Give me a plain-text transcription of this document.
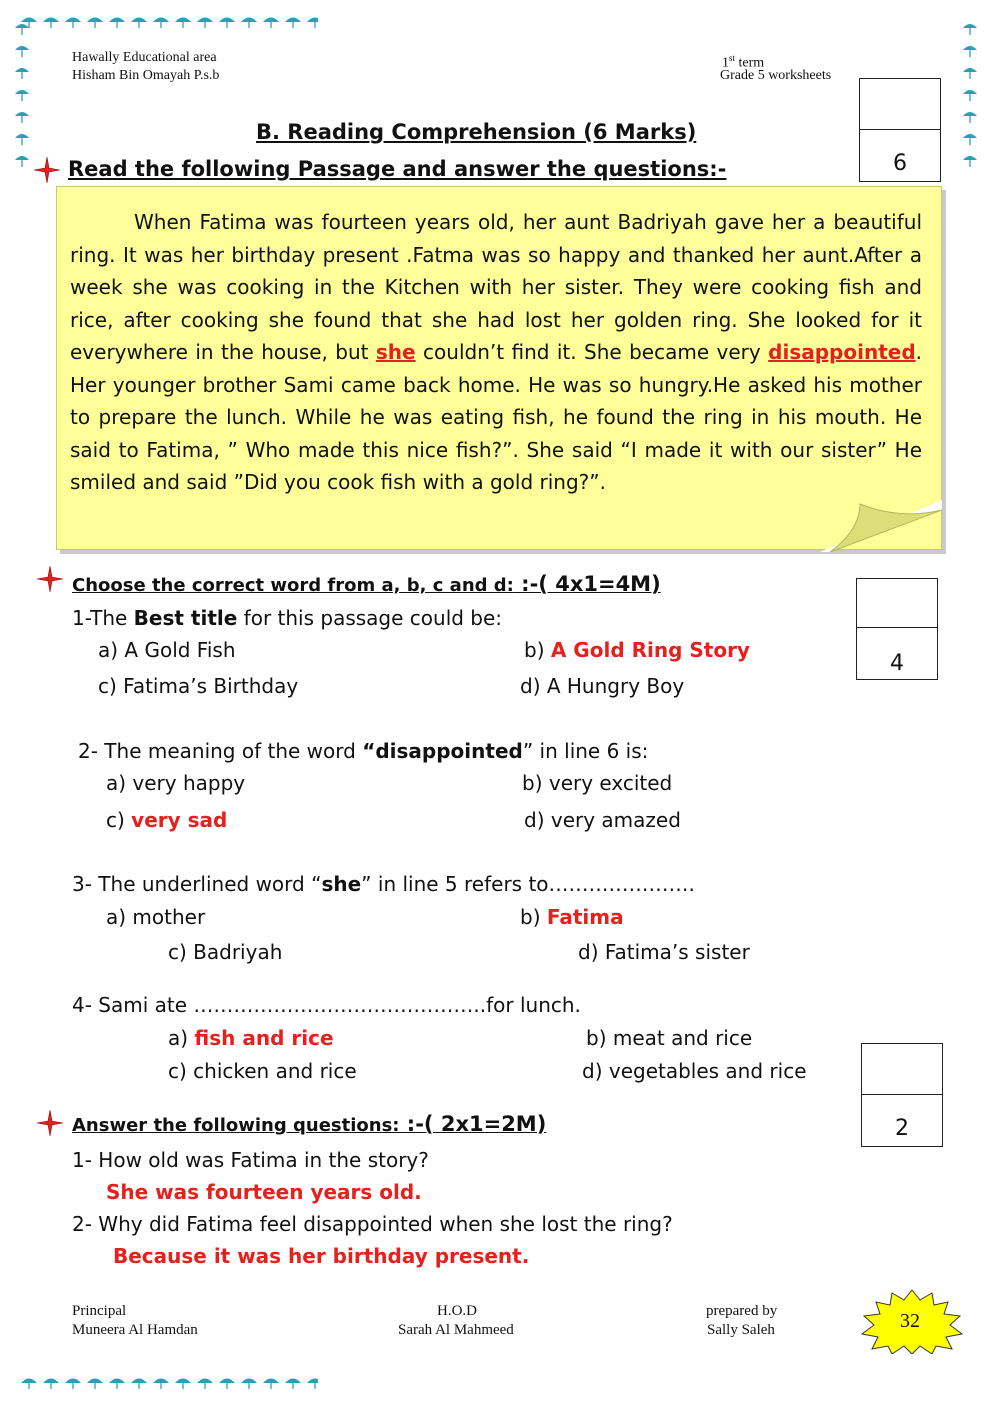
Hawally Educational area
Hisham Bin Omayah P.s.b
1st term
Grade 5 worksheets
6
B. Reading Comprehension (6 Marks)
Read the following Passage and answer the questions:-
When Fatima was fourteen years old, her aunt Badriyah gave her a beautiful ring. It was her birthday present .Fatma was so happy and thanked her aunt.After a week she was cooking in the Kitchen with her sister. They were cooking fish and rice, after cooking she found that she had lost her golden ring. She looked for it everywhere in the house, but she couldn’t find it. She became very disappointed. Her younger brother Sami came back home. He was so hungry.He asked his mother to prepare the lunch. While he was eating fish, he found the ring in his mouth. He said to Fatima, ” Who made this nice fish?”. She said “I made it with our sister” He smiled and said ”Did you cook fish with a gold ring?”.
Choose the correct word from a, b, c and d: :-( 4x1=4M)
4
1-The Best title for this passage could be:
a) A Gold Fish	b) A Gold Ring Story
c) Fatima’s Birthday	d) A Hungry Boy
2- The meaning of the word “disappointed” in line 6 is:
a) very happy	b) very excited
c) very sad	d) very amazed
3- The underlined word “she” in line 5 refers to………………….
a) mother	b) Fatima
c) Badriyah	d) Fatima’s sister
4- Sami ate ……………………………………..for lunch.
a) fish and rice	b) meat and rice
c) chicken and rice	d) vegetables and rice
2
Answer the following questions: :-( 2x1=2M)
1- How old was Fatima in the story?
She was fourteen years old.
2- Why did Fatima feel disappointed when she lost the ring?
Because it was her birthday present.
Principal
Muneera Al Hamdan
H.O.D
Sarah Al Mahmeed
prepared by
Sally Saleh	32
